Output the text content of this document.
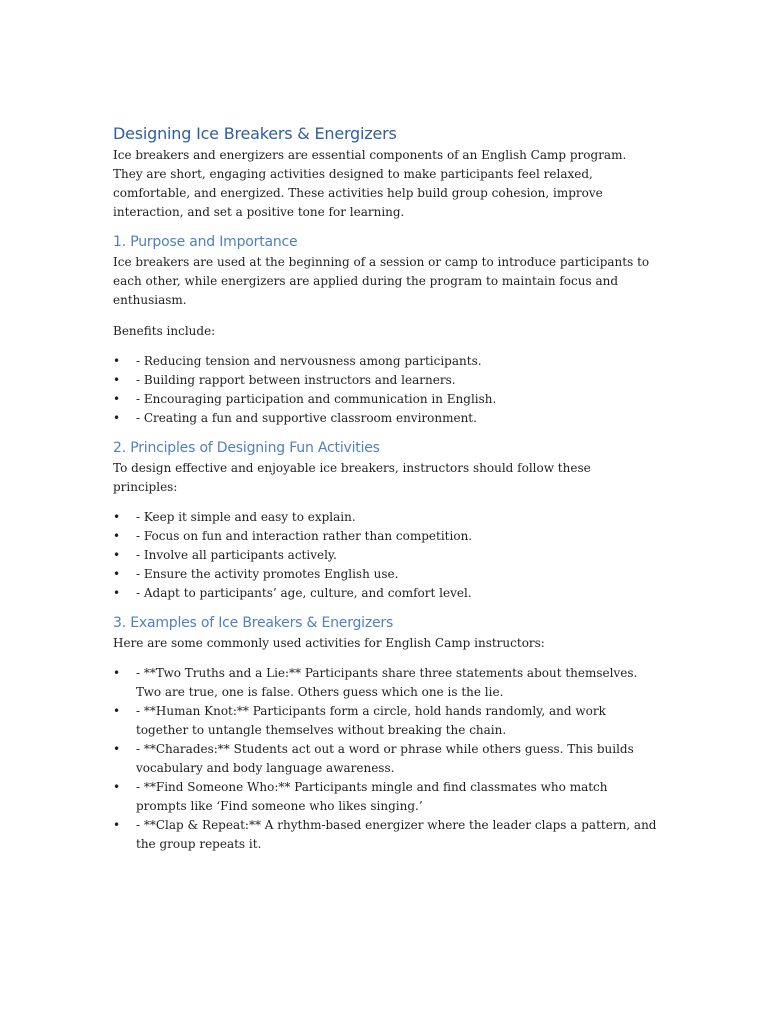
Designing Ice Breakers & Energizers

Ice breakers and energizers are essential components of an English Camp program. They are short, engaging activities designed to make participants feel relaxed, comfortable, and energized. These activities help build group cohesion, improve interaction, and set a positive tone for learning.

1. Purpose and Importance

Ice breakers are used at the beginning of a session or camp to introduce participants to each other, while energizers are applied during the program to maintain focus and enthusiasm.

Benefits include:

• - Reducing tension and nervousness among participants.
• - Building rapport between instructors and learners.
• - Encouraging participation and communication in English.
• - Creating a fun and supportive classroom environment.
2. Principles of Designing Fun Activities

To design effective and enjoyable ice breakers, instructors should follow these principles:

• - Keep it simple and easy to explain.
• - Focus on fun and interaction rather than competition.
• - Involve all participants actively.
• - Ensure the activity promotes English use.
• - Adapt to participants’ age, culture, and comfort level.
3. Examples of Ice Breakers & Energizers

Here are some commonly used activities for English Camp instructors:

• - **Two Truths and a Lie:** Participants share three statements about themselves. Two are true, one is false. Others guess which one is the lie.
• - **Human Knot:** Participants form a circle, hold hands randomly, and work together to untangle themselves without breaking the chain.
• - **Charades:** Students act out a word or phrase while others guess. This builds vocabulary and body language awareness.
• - **Find Someone Who:** Participants mingle and find classmates who match prompts like ‘Find someone who likes singing.’
• - **Clap & Repeat:** A rhythm-based energizer where the leader claps a pattern, and the group repeats it.
